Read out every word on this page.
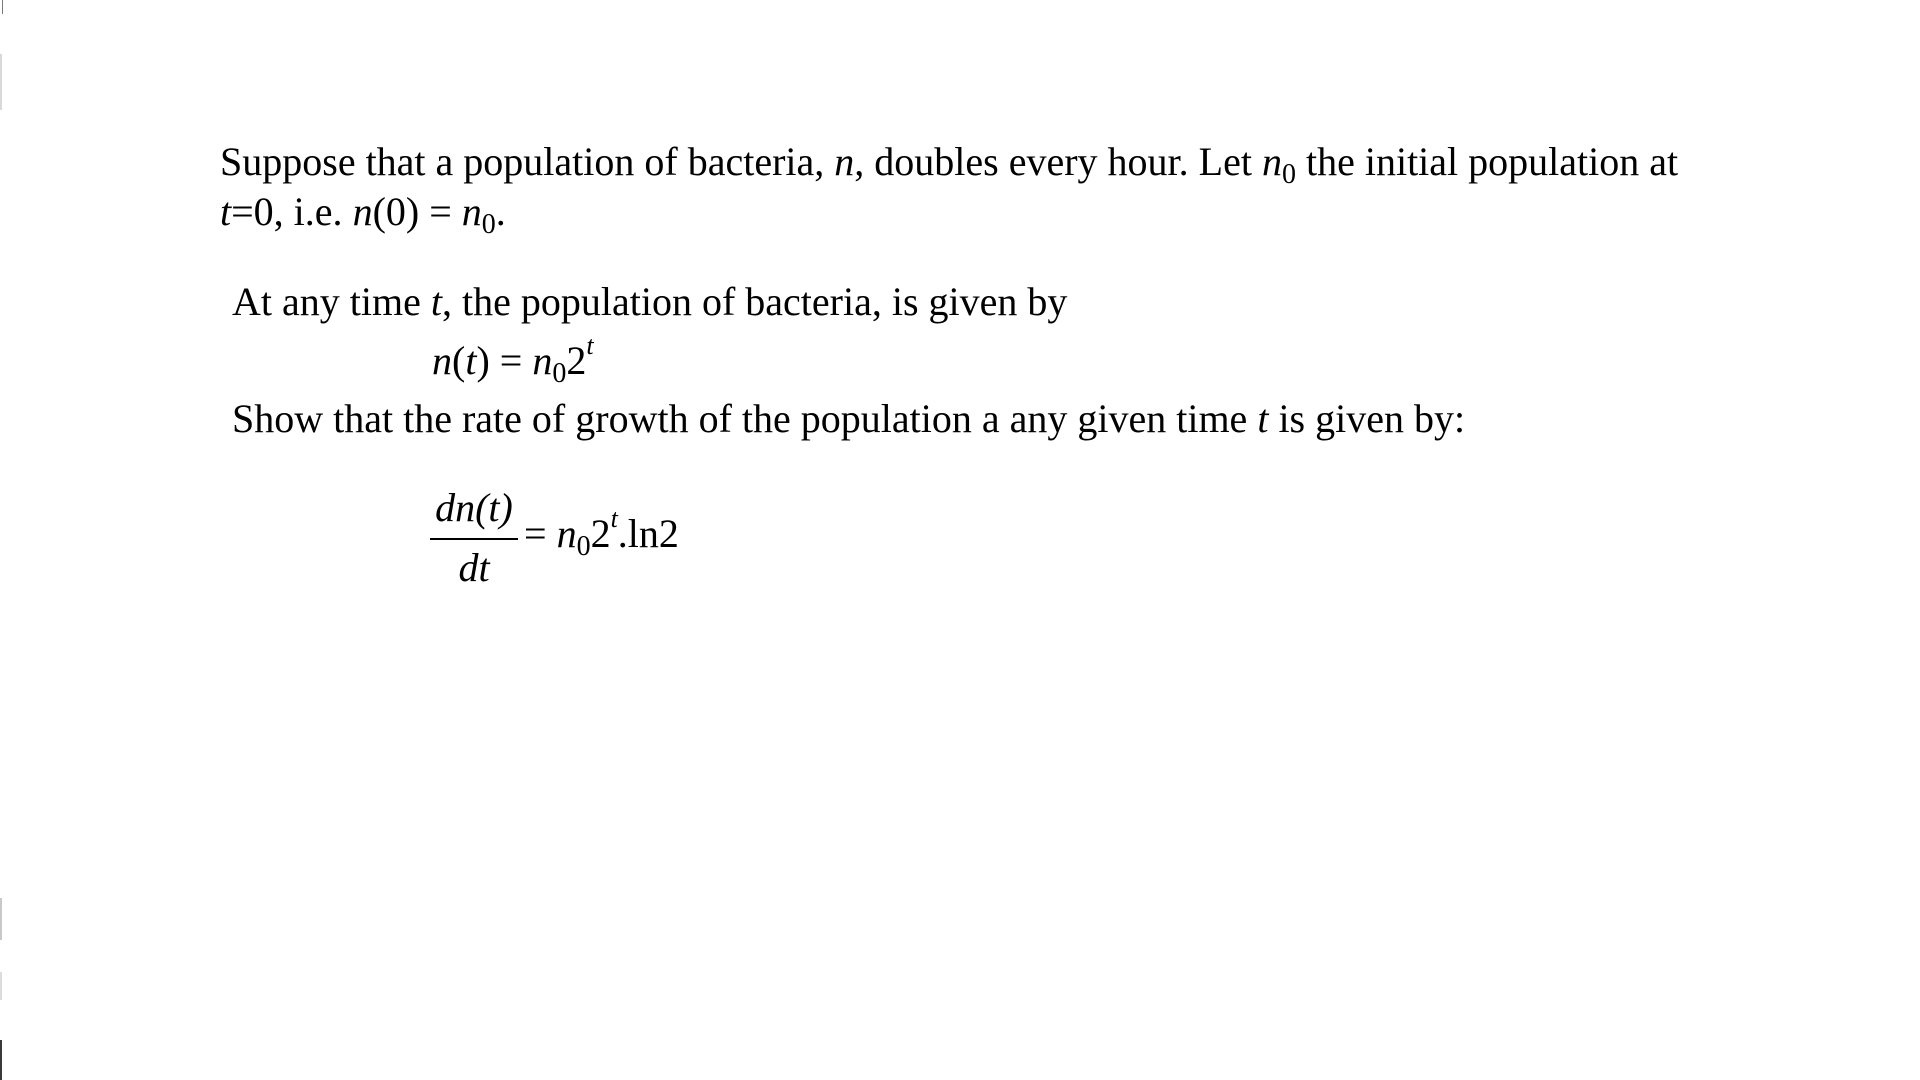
Suppose that a population of bacteria, n, doubles every hour. Let $n_0$ the initial population at
t=0, i.e. $n(0) = n_0$.
At any time t, the population of bacteria, is given by
$n(t) = n_02^t$
Show that the rate of growth of the population a any given time t is given by:
dn(t)
dt
= $n_02^t.\ln 2$
